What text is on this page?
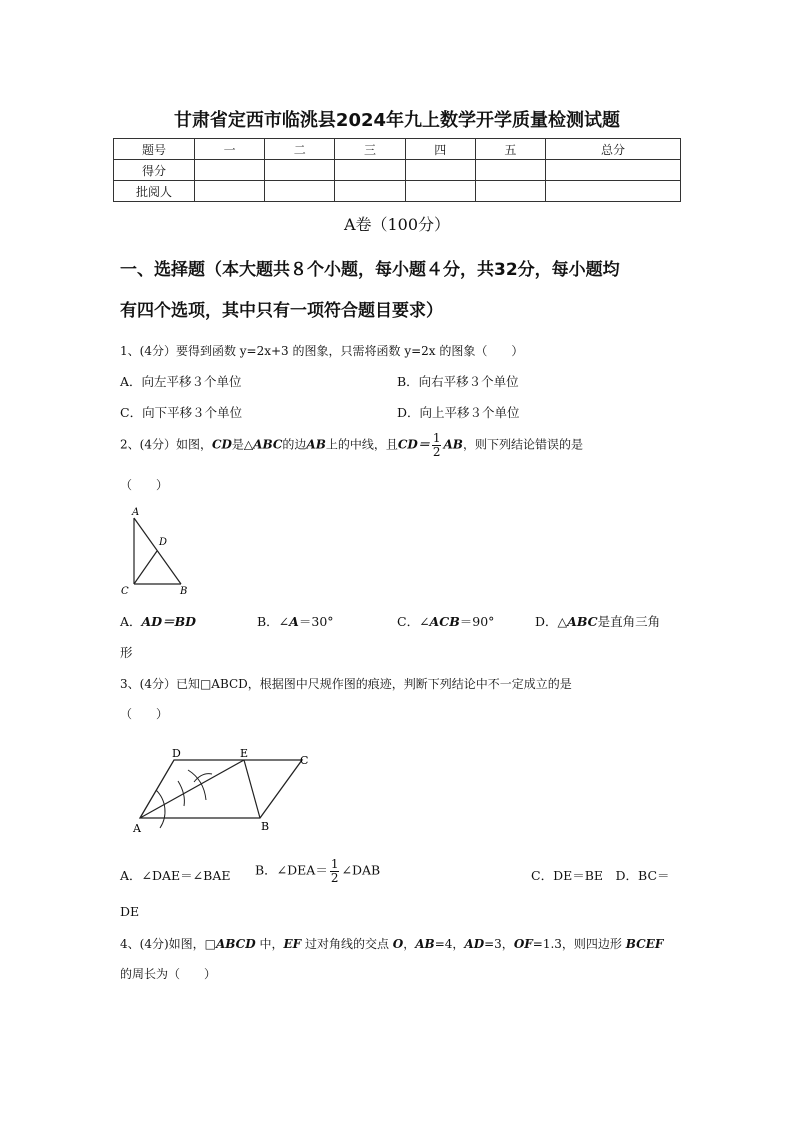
甘肃省定西市临洮县2024年九上数学开学质量检测试题
题号	一	二	三	四	五	总分
得分						
批阅人						
A卷（100分）
一、选择题（本大题共８个小题，每小题４分，共32分，每小题均
有四个选项，其中只有一项符合题目要求）
1、(4分）要得到函数 y=2x+3 的图象，只需将函数 y=2x 的图象（　　）
A．向左平移３个单位	B．向右平移３个单位
C．向下平移３个单位	D．向上平移３个单位
2、(4分）如图，CD是△ABC的边AB上的中线，且$CD= \frac{1}{2}$ AB，则下列结论错误的是
（　　）
A
D
C	B
A．AD＝BD	B．∠A＝30°	C．∠ACB＝90°	D．△ABC是直角三角
形
3、(4分）已知□ABCD，根据图中尺规作图的痕迹，判断下列结论中不一定成立的是
（　　）
D	E
C
A	B
A．∠DAE＝∠BAE B．∠DEA＝ $\frac{1}{2}$ ∠DAB	C．DE＝BE　D．BC＝
DE
4、(4分)如图，□ABCD 中，EF 过对角线的交点 O，AB=4，AD=3，OF=1.3，则四边形 BCEF
的周长为（　　）
